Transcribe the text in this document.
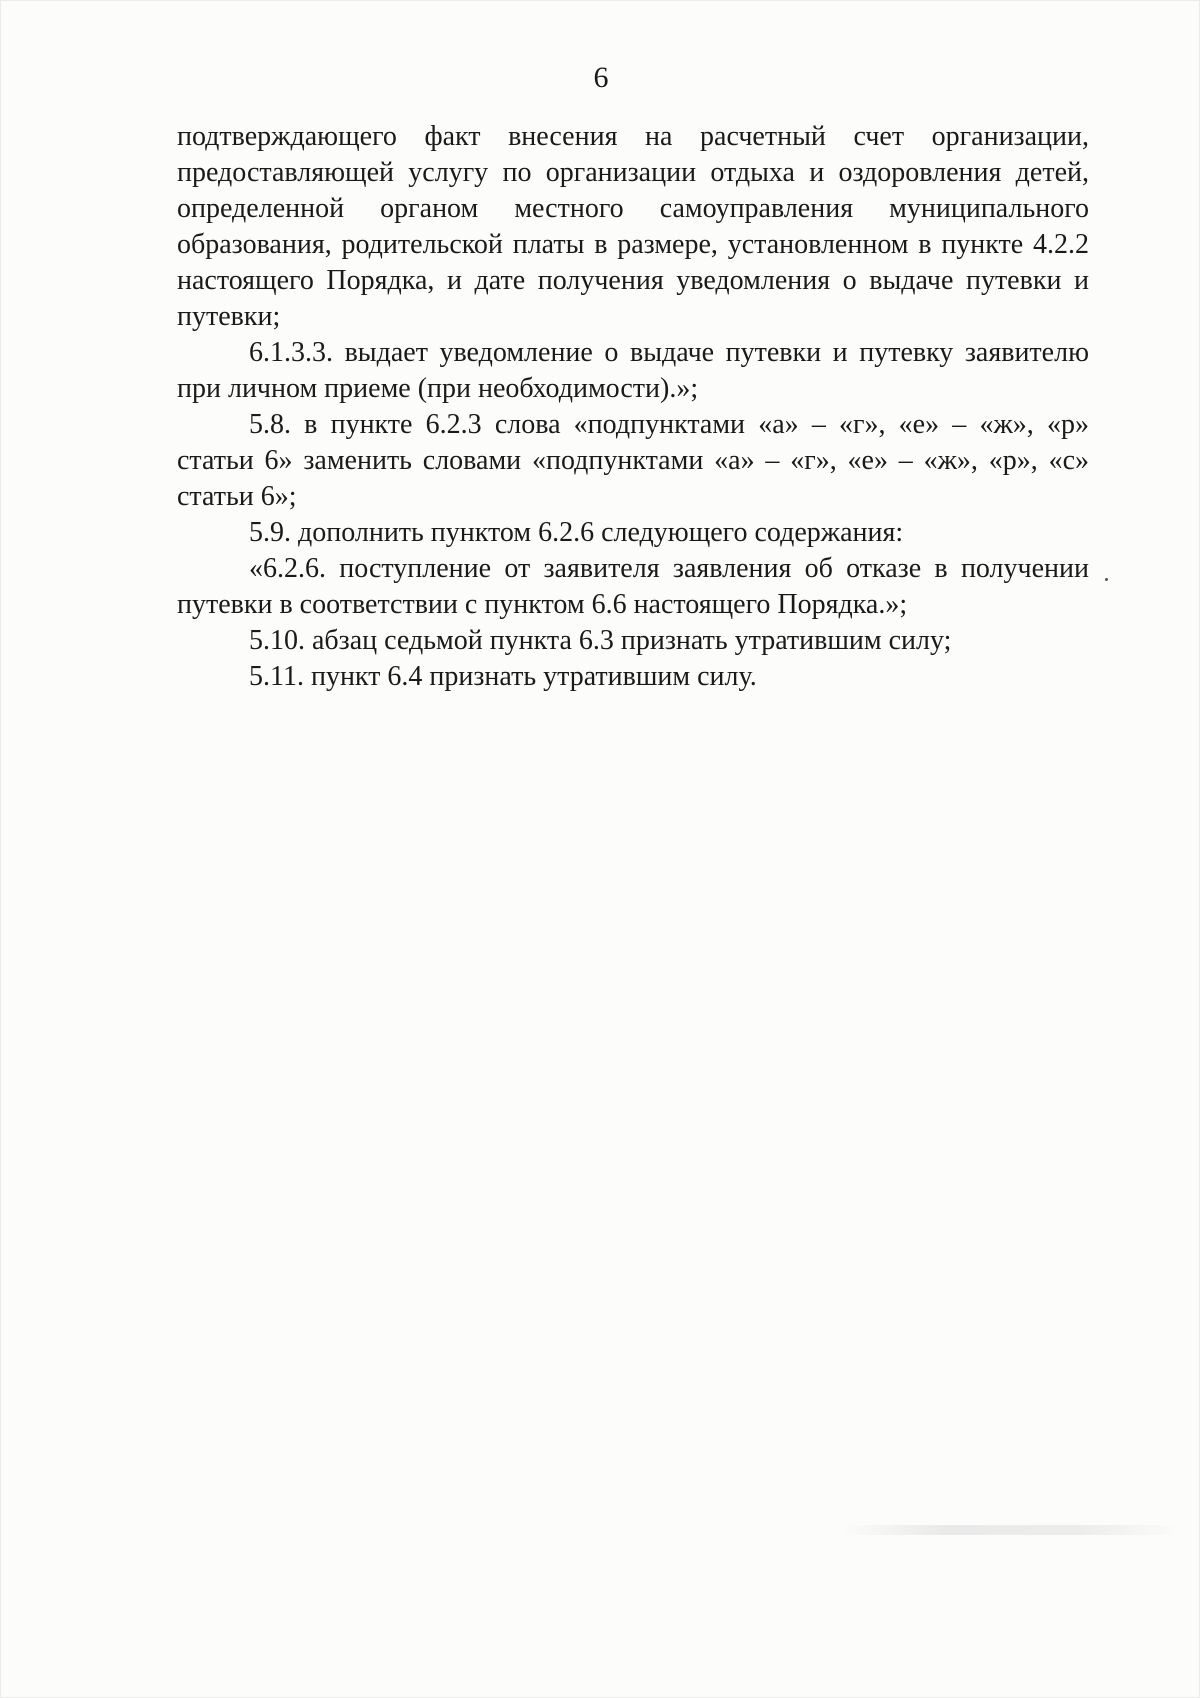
6

подтверждающего факт внесения на расчетный счет организации, предоставляющей услугу по организации отдыха и оздоровления детей, определенной органом местного самоуправления муниципального образования, родительской платы в размере, установленном в пункте 4.2.2 настоящего Порядка, и дате получения уведомления о выдаче путевки и путевки;

6.1.3.3. выдает уведомление о выдаче путевки и путевку заявителю при личном приеме (при необходимости).»;

5.8. в пункте 6.2.3 слова «подпунктами «а» – «г», «е» – «ж», «р» статьи 6» заменить словами «подпунктами «а» – «г», «е» – «ж», «р», «с» статьи 6»;

5.9. дополнить пунктом 6.2.6 следующего содержания:

«6.2.6. поступление от заявителя заявления об отказе в получении путевки в соответствии с пунктом 6.6 настоящего Порядка.»;

5.10. абзац седьмой пункта 6.3 признать утратившим силу;

5.11. пункт 6.4 признать утратившим силу.
